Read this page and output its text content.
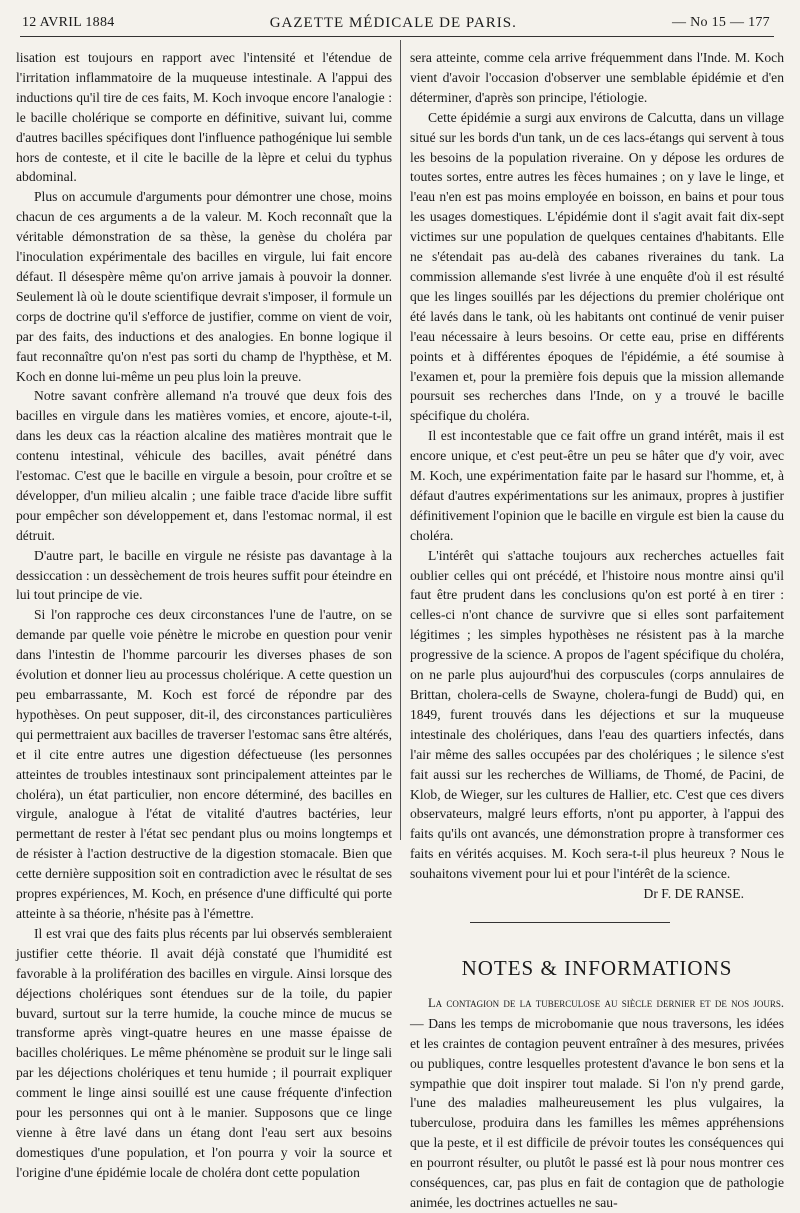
12 AVRIL 1884	GAZETTE MÉDICALE DE PARIS.	— No 15 — 177

lisation est toujours en rapport avec l'intensité et l'étendue de l'irritation inflammatoire de la muqueuse intestinale. A l'appui des inductions qu'il tire de ces faits, M. Koch invoque encore l'analogie : le bacille cholérique se comporte en définitive, suivant lui, comme d'autres bacilles spécifiques dont l'influence pathogénique lui semble hors de conteste, et il cite le bacille de la lèpre et celui du typhus abdominal.

Plus on accumule d'arguments pour démontrer une chose, moins chacun de ces arguments a de la valeur. M. Koch reconnaît que la véritable démonstration de sa thèse, la genèse du choléra par l'inoculation expérimentale des bacilles en virgule, lui fait encore défaut. Il désespère même qu'on arrive jamais à pouvoir la donner. Seulement là où le doute scientifique devrait s'imposer, il formule un corps de doctrine qu'il s'efforce de justifier, comme on vient de voir, par des faits, des inductions et des analogies. En bonne logique il faut reconnaître qu'on n'est pas sorti du champ de l'hypthèse, et M. Koch en donne lui-même un peu plus loin la preuve.

Notre savant confrère allemand n'a trouvé que deux fois des bacilles en virgule dans les matières vomies, et encore, ajoute-t-il, dans les deux cas la réaction alcaline des matières montrait que le contenu intestinal, véhicule des bacilles, avait pénétré dans l'estomac. C'est que le bacille en virgule a besoin, pour croître et se développer, d'un milieu alcalin ; une faible trace d'acide libre suffit pour empêcher son développement et, dans l'estomac normal, il est détruit.

D'autre part, le bacille en virgule ne résiste pas davantage à la dessiccation : un dessèchement de trois heures suffit pour éteindre en lui tout principe de vie.

Si l'on rapproche ces deux circonstances l'une de l'autre, on se demande par quelle voie pénètre le microbe en question pour venir dans l'intestin de l'homme parcourir les diverses phases de son évolution et donner lieu au processus cholérique. A cette question un peu embarrassante, M. Koch est forcé de répondre par des hypothèses. On peut supposer, dit-il, des circonstances particulières qui permettraient aux bacilles de traverser l'estomac sans être altérés, et il cite entre autres une digestion défectueuse (les personnes atteintes de troubles intestinaux sont principalement atteintes par le choléra), un état particulier, non encore déterminé, des bacilles en virgule, analogue à l'état de vitalité d'autres bactéries, leur permettant de rester à l'état sec pendant plus ou moins longtemps et de résister à l'action destructive de la digestion stomacale. Bien que cette dernière supposition soit en contradiction avec le résultat de ses propres expériences, M. Koch, en présence d'une difficulté qui porte atteinte à sa théorie, n'hésite pas à l'émettre.

Il est vrai que des faits plus récents par lui observés sembleraient justifier cette théorie. Il avait déjà constaté que l'humidité est favorable à la prolifération des bacilles en virgule. Ainsi lorsque des déjections cholériques sont étendues sur de la toile, du papier buvard, surtout sur la terre humide, la couche mince de mucus se transforme après vingt-quatre heures en une masse épaisse de bacilles cholériques. Le même phénomène se produit sur le linge sali par les déjections cholériques et tenu humide ; il pourrait expliquer comment le linge ainsi souillé est une cause fréquente d'infection pour les personnes qui ont à le manier. Supposons que ce linge vienne à être lavé dans un étang dont l'eau sert aux besoins domestiques d'une population, et l'on pourra y voir la source et l'origine d'une épidémie locale de choléra dont cette population

sera atteinte, comme cela arrive fréquemment dans l'Inde. M. Koch vient d'avoir l'occasion d'observer une semblable épidémie et d'en déterminer, d'après son principe, l'étiologie.

Cette épidémie a surgi aux environs de Calcutta, dans un village situé sur les bords d'un tank, un de ces lacs-étangs qui servent à tous les besoins de la population riveraine. On y dépose les ordures de toutes sortes, entre autres les fèces humaines ; on y lave le linge, et l'eau n'en est pas moins employée en boisson, en bains et pour tous les usages domestiques. L'épidémie dont il s'agit avait fait dix-sept victimes sur une population de quelques centaines d'habitants. Elle ne s'étendait pas au-delà des cabanes riveraines du tank. La commission allemande s'est livrée à une enquête d'où il est résulté que les linges souillés par les déjections du premier cholérique ont été lavés dans le tank, où les habitants ont continué de venir puiser l'eau nécessaire à leurs besoins. Or cette eau, prise en différents points et à différentes époques de l'épidémie, a été soumise à l'examen et, pour la première fois depuis que la mission allemande poursuit ses recherches dans l'Inde, on y a trouvé le bacille spécifique du choléra.

Il est incontestable que ce fait offre un grand intérêt, mais il est encore unique, et c'est peut-être un peu se hâter que d'y voir, avec M. Koch, une expérimentation faite par le hasard sur l'homme, et, à défaut d'autres expérimentations sur les animaux, propres à justifier définitivement l'opinion que le bacille en virgule est bien la cause du choléra.

L'intérêt qui s'attache toujours aux recherches actuelles fait oublier celles qui ont précédé, et l'histoire nous montre ainsi qu'il faut être prudent dans les conclusions qu'on est porté à en tirer : celles-ci n'ont chance de survivre que si elles sont parfaitement légitimes ; les simples hypothèses ne résistent pas à la marche progressive de la science. A propos de l'agent spécifique du choléra, on ne parle plus aujourd'hui des corpuscules (corps annulaires de Brittan, cholera-cells de Swayne, cholera-fungi de Budd) qui, en 1849, furent trouvés dans les déjections et sur la muqueuse intestinale des cholériques, dans l'eau des quartiers infectés, dans l'air même des salles occupées par des cholériques ; le silence s'est fait aussi sur les recherches de Williams, de Thomé, de Pacini, de Klob, de Wieger, sur les cultures de Hallier, etc. C'est que ces divers observateurs, malgré leurs efforts, n'ont pu apporter, à l'appui des faits qu'ils ont avancés, une démonstration propre à transformer ces faits en vérités acquises. M. Koch sera-t-il plus heureux ? Nous le souhaitons vivement pour lui et pour l'intérêt de la science.

Dr F. DE RANSE.

NOTES & INFORMATIONS

La contagion de la tuberculose au siècle dernier et de nos jours. — Dans les temps de microbomanie que nous traversons, les idées et les craintes de contagion peuvent entraîner à des mesures, privées ou publiques, contre lesquelles protestent d'avance le bon sens et la sympathie que doit inspirer tout malade. Si l'on n'y prend garde, l'une des maladies malheureusement les plus vulgaires, la tuberculose, produira dans les familles les mêmes appréhensions que la peste, et il est difficile de prévoir toutes les conséquences qui en pourront résulter, ou plutôt le passé est là pour nous montrer ces conséquences, car, pas plus en fait de contagion que de pathologie animée, les doctrines actuelles ne sau-
